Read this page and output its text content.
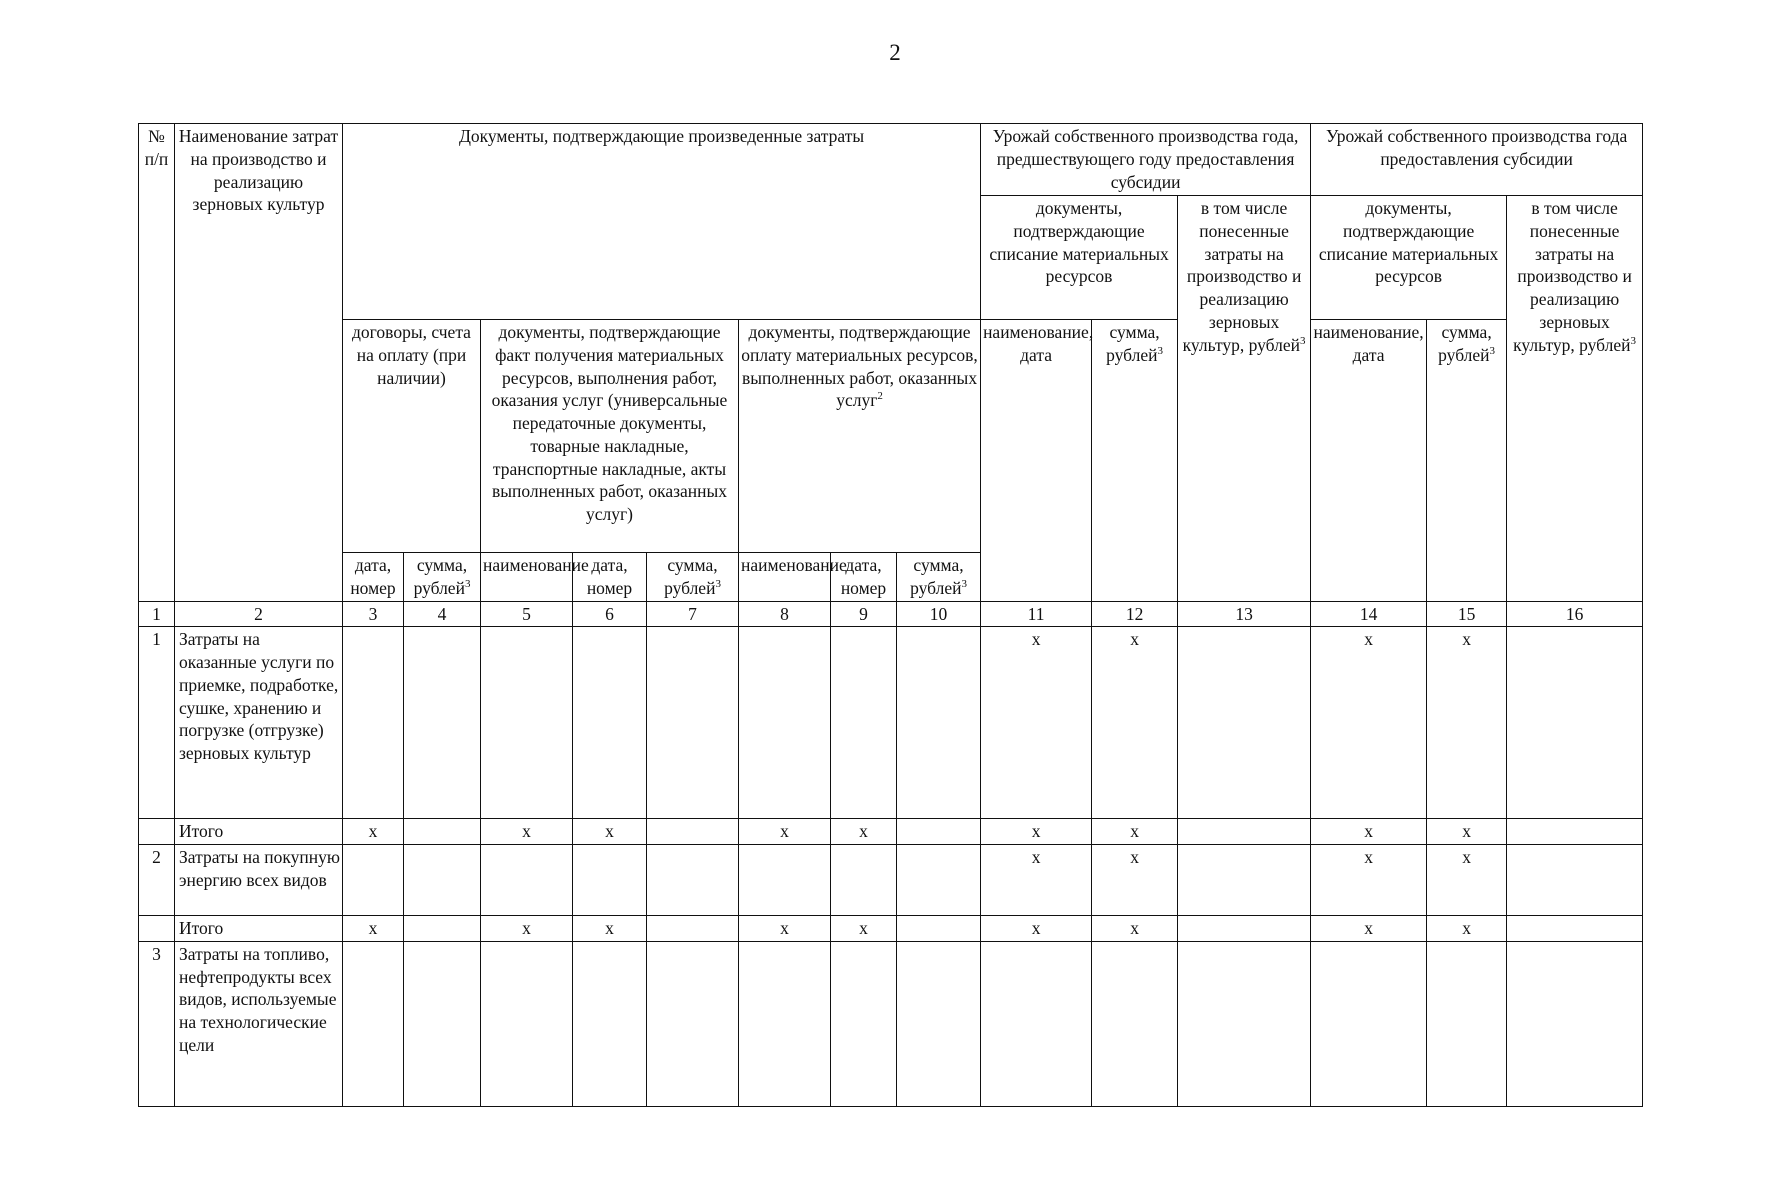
2
№ п/п	Наименование затрат на производство и реализацию зерновых культур	Документы, подтверждающие произведенные затраты								Урожай собственного производства года, предшествующего году предоставления субсидии			Урожай собственного производства года предоставления субсидии		
										документы, подтверждающие списание материальных ресурсов		в том числе понесенные затраты на производство и реализацию зерновых культур, рублей$^3$	документы, подтверждающие списание материальных ресурсов		в том числе понесенные затраты на производство и реализацию зерновых культур, рублей$^3$
		договоры, счета на оплату (при наличии)		документы, подтверждающие факт получения материальных ресурсов, выполнения работ, оказания услуг (универсальные передаточные документы, товарные накладные, транспортные накладные, акты выполненных работ, оказанных услуг)			документы, подтверждающие оплату материальных ресурсов, выполненных работ, оказанных услуг$^2$			наименование, дата	сумма, рублей$^3$		наименование, дата	сумма, рублей$^3$
		дата, номер	сумма, рублей$^3$	наименование	дата, номер	сумма, рублей$^3$	наименование	дата, номер	сумма, рублей$^3$
1	2	3	4	5	6	7	8	9	10	11	12	13	14	15	16
1	Затраты на оказанные услуги по приемке, подработке, сушке, хранению и погрузке (отгрузке) зерновых культур									x	x		x	x	
	Итого	x		x	x		x	x		x	x		x	x	
2	Затраты на покупную энергию всех видов									x	x		x	x	
	Итого	x		x	x		x	x		x	x		x	x	
3	Затраты на топливо, нефтепродукты всех видов, используемые на технологические цели														
